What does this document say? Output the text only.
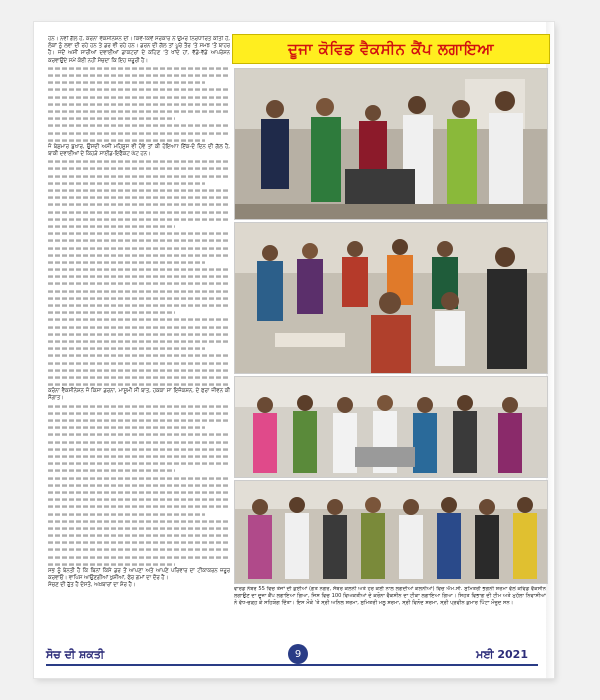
ਹਨ। ਨਵੀਂ ਗੱਲ ਹੈ, ਕਰੋਨਾ ਵੈਕਸੀਨੇਸ਼ਨ ਦੀ। ਕਿਵੇਂ-ਕਿਵੇਂ ਸਰਕਾਰ ਨੇ ਉਮਰ ਨਿਰਧਾਰਿਤ ਕੀਤੀ ਹੈ, ਲੋਕਾਂ ਨੂੰ ਲਵਾ ਦੀ ਰਹੇ ਹਨ ਤੇ ਡਰ ਵੀ ਰਹੇ ਹਨ। ਡਰਨ ਦੀ ਗੱਲ ਤਾਂ ਪੂਰੇ ਤੌਰ 'ਤੇ ਸਮਝ 'ਤੋਂ ਬਾਹਰ ਹੈ। ਜਦੋਂ ਅਸੀਂ ਸਾਰੀਆਂ ਦਵਾਈਆਂ ਡਾਕਟਰਾਂ ਦੇ ਕਹਿਣ 'ਤੇ ਖਾਂਦੇ ਹਾਂ, ਵੱਡੇ-ਵੱਡੇ ਆਪਰੇਸ਼ਨ ਕਰਵਾਉਂਦੇ ਸਮੇਂ ਕੋਈ ਨਹੀਂ ਸੋਚਦਾ ਕਿ ਇਹ ਜ਼ਰੂਰੀ ਹੈ।

ਜੋ ਬੇਸ਼ੁਮਾਰ ਬੁਖਾਰ, ਉਸਦੀ ਅਸੀਂ ਮਹਿਸੂਸ ਵੀ ਹੋਵੇ ਤਾਂ ਕੀ ਹੋਇਆ? ਇੱਕ-ਦੋ ਦਿਨ ਦੀ ਗੱਲ ਹੈ, ਬਾਕੀ ਦਵਾਈਆਂ ਦੇ ਕਿਹੜੇ ਸਾਈਡ-ਇਫੈਕਟ ਘੱਟ ਹਨ।

ਕਰੋਨਾ ਵੈਕਸੀਨੇਸ਼ਨ ਜੋ ਕਿਸਾ ਡਰਨਾ, ਮਾਸੂਮੀ ਸੀ ਬਾਤ, ਹਕਕਾ ਸਾ ਇਜੰਕਸ਼ਨ, ਦੇ ਫਰਾ ਜੀਵਨ ਕੀ ਸੌਗਾਤ।

ਸਭ ਨੂੰ ਬੇਨਤੀ ਹੈ ਕਿ ਬਿਨਾਂ ਕਿਸੇ ਡਰ ਤੋਂ ਆਪਣਾ ਅਤੇ ਆਪਣੇ ਪਰਿਵਾਰ ਦਾ ਟੀਕਾਕਰਨ ਜ਼ਰੂਰ ਕਰਵਾਓ। ਵਾਪਿਸ ਆਉਣਗੀਆਂ ਖੁਸ਼ੀਆਂ, ਫੇਰ ਗਮਾਂ ਦਾ ਦੌਰ ਹੈ।

ਸੋਚਣ ਦੀ ਰੁੱਤ ਹੈ ਦੋਸਤੋ, ਅਖ਼ਬਾਰਾਂ ਦਾ ਸ਼ੋਰ ਹੈ।

ਦੂਜਾ ਕੋਵਿਡ ਵੈਕਸੀਨ ਕੈਂਪ ਲਗਾਇਆ
ਵਾਰਡ ਨੰਬਰ 55 ਵਿਚ ਤੇਜਾਂ ਦੀ ਕੁਈਆਂ (ਗੋਤ ਨਗਰ, ਸੱਥਰ ਕਲੋਨੀ ਅਤੇ ਹੋਰ ਕਈ ਨਾਲ ਲਗਦੀਆਂ ਕਲੋਨੀਆਂ) ਵਿਚ ਐਮ.ਸੀ. ਸੁਮਿਤਰੀ ਭਗਨੀ ਸ਼ਰਮਾ ਵੱਲੋਂ ਕੋਵਿਡ ਵੈਕਸੀਨ ਲਗਾਉਣ ਦਾ ਦੂਜਾ ਕੈਂਪ ਲਗਾਇਆ ਗਿਆ, ਜਿਸ ਵਿਚ 100 ਵਿਅਕਤੀਆਂ ਦੇ ਕਰੋਨਾ ਵੈਕਸੀਨ ਦਾ ਟੀਕਾ ਲਗਾਇਆ ਗਿਆ। ਸਿਹਤ ਵਿਭਾਗ ਦੀ ਟੀਮ ਅਤੇ ਮੁਹੱਲਾ ਨਿਵਾਸੀਆਂ ਨੇ ਵੱਧ-ਚੜ੍ਹ ਕੇ ਸਹਿਯੋਗ ਦਿੱਤਾ। ਇਸ ਮੌਕੇ 'ਤੇ ਸ੍ਰੀ ਅਨਿਲ ਸ਼ਰਮਾ, ਸੁਮਿਤਰੀ ਮਲੂ ਸ਼ਰਮਾ, ਸ੍ਰੀ ਵਿਨੋਦ ਸ਼ਰਮਾ, ਸ੍ਰੀ ਪ੍ਰਵੀਨ ਕੁਮਾਰ ਪਿੰਟਾ ਮੌਜੂਦ ਸਨ।
ਸੋਚ ਦੀ ਸ਼ਕਤੀ	9	ਮਈ 2021
